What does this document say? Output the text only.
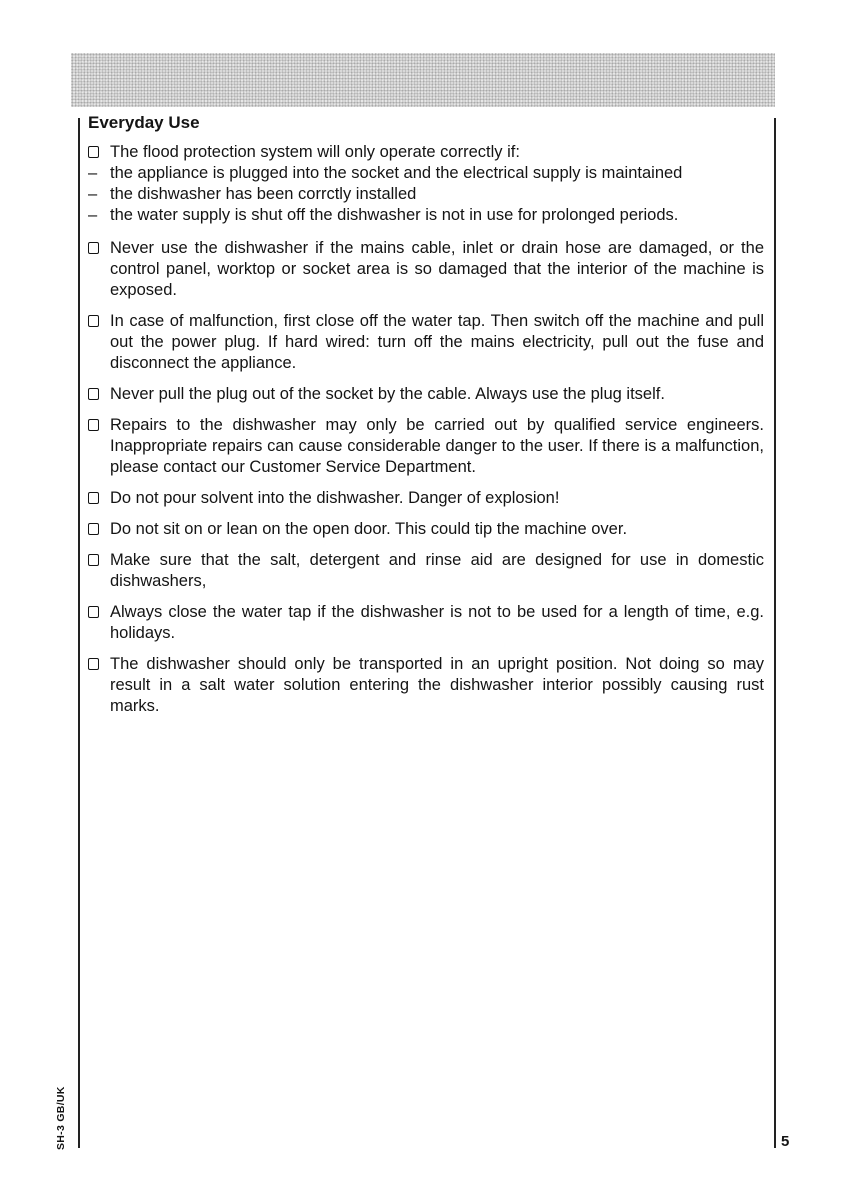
Everyday Use
The flood protection system will only operate correctly if:
– the appliance is plugged into the socket and the electrical supply is maintained
– the dishwasher has been corrctly installed
– the water supply is shut off the dishwasher is not in use for prolonged periods.
Never use the dishwasher if the mains cable, inlet or drain hose are damaged, or the control panel, worktop or socket area is so damaged that the interior of the machine is exposed.
In case of malfunction, first close off the water tap. Then switch off the machine and pull out the power plug. If hard wired: turn off the mains electricity, pull out the fuse and disconnect the appliance.
Never pull the plug out of the socket by the cable. Always use the plug itself.
Repairs to the dishwasher may only be carried out by qualified service engineers. Inappropriate repairs can cause considerable danger to the user. If there is a malfunction, please contact our Customer Service Department.
Do not pour solvent into the dishwasher. Danger of explosion!
Do not sit on or lean on the open door. This could tip the machine over.
Make sure that the salt, detergent and rinse aid are designed for use in domestic dishwashers,
Always close the water tap if the dishwasher is not to be used for a length of time, e.g. holidays.
The dishwasher should only be transported in an upright position. Not doing so may result in a salt water solution entering the dishwasher interior possibly causing rust marks.
SH-3 GB/UK	5
